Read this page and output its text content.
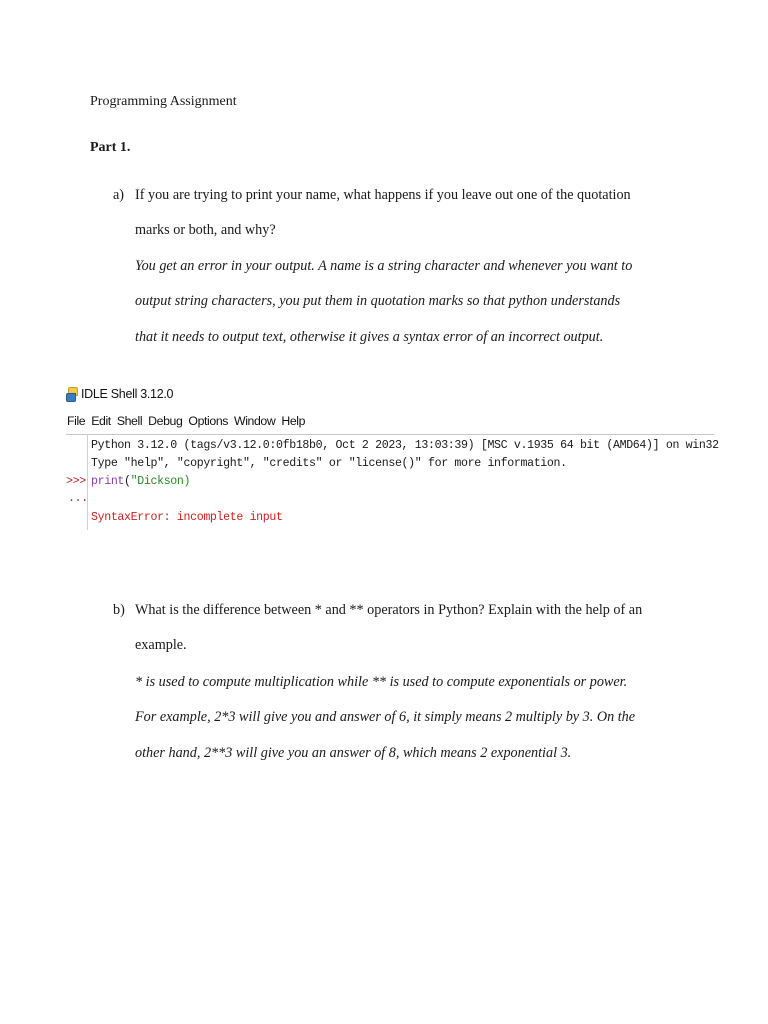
Programming Assignment
Part 1.
a) If you are trying to print your name, what happens if you leave out one of the quotation
marks or both, and why?
You get an error in your output. A name is a string character and whenever you want to
output string characters, you put them in quotation marks so that python understands
that it needs to output text, otherwise it gives a syntax error of an incorrect output.
IDLE Shell 3.12.0
File Edit Shell Debug Options Window Help
Python 3.12.0 (tags/v3.12.0:0fb18b0, Oct 2 2023, 13:03:39) [MSC v.1935 64 bit (AMD64)] on win32
Type "help", "copyright", "credits" or "license()" for more information.
>>> print("Dickson)
...
SyntaxError: incomplete input
b) What is the difference between * and ** operators in Python? Explain with the help of an
example.
* is used to compute multiplication while ** is used to compute exponentials or power.
For example, 2*3 will give you and answer of 6, it simply means 2 multiply by 3. On the
other hand, 2**3 will give you an answer of 8, which means 2 exponential 3.
